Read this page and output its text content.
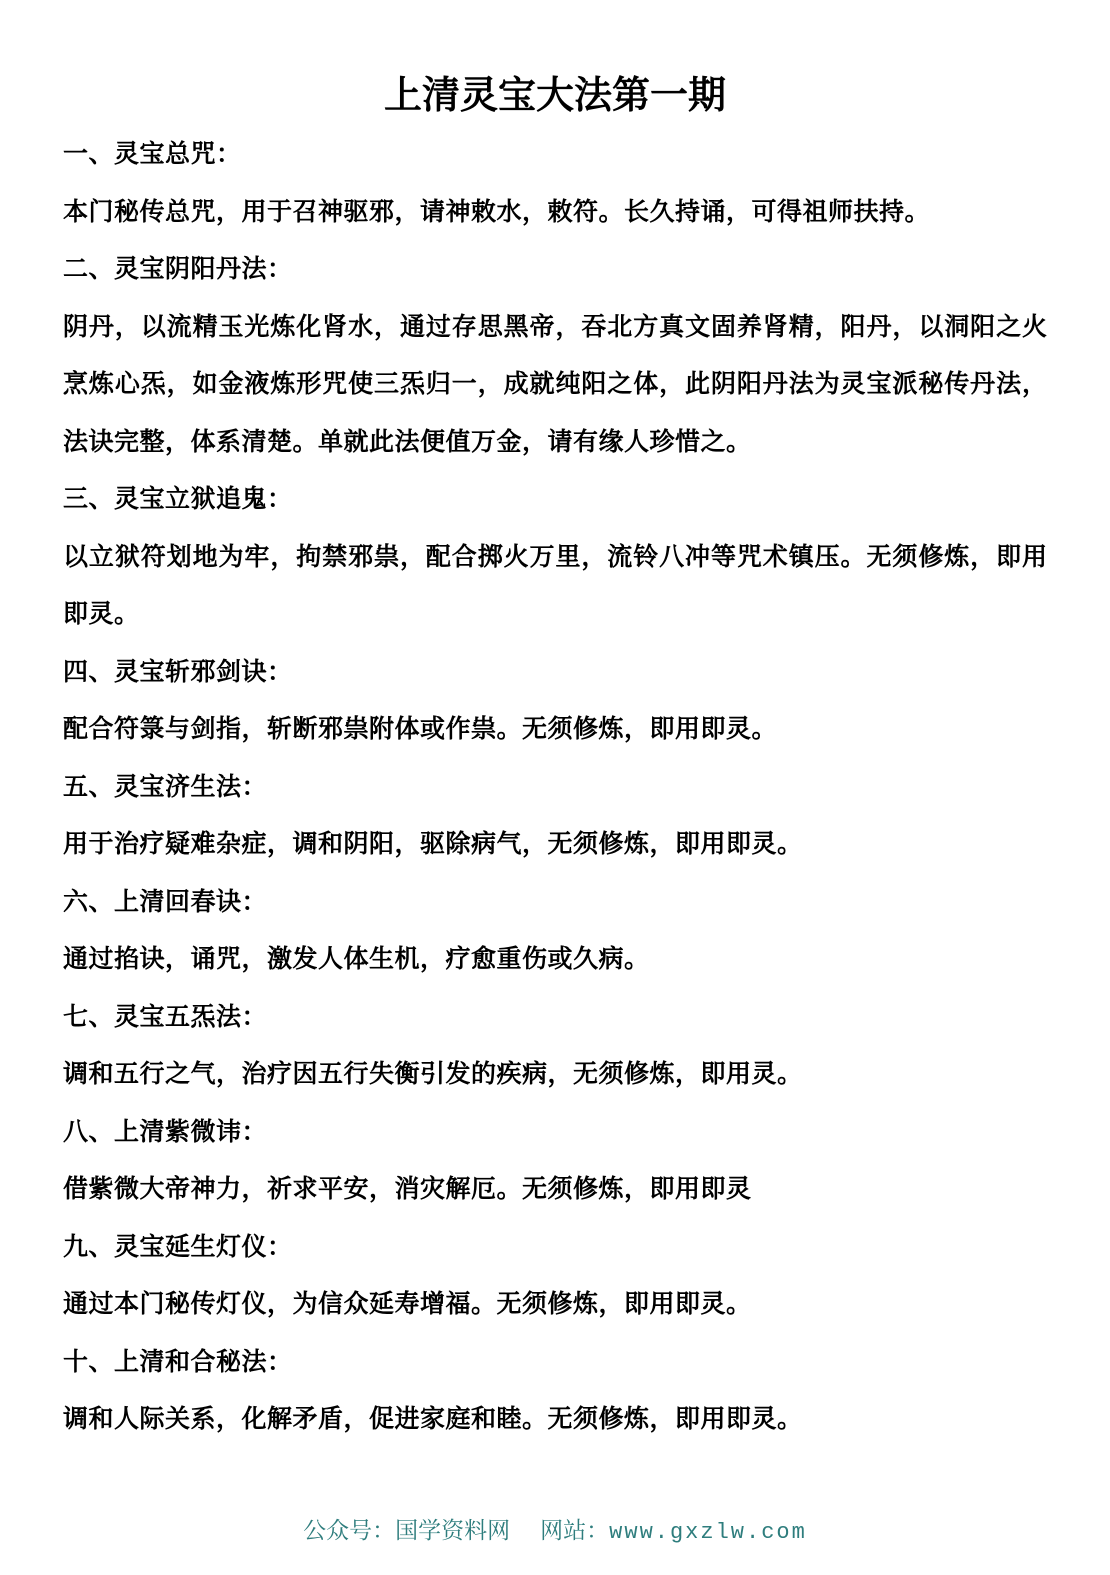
上清灵宝大法第一期
一、灵宝总咒：
本门秘传总咒，用于召神驱邪，请神敕水，敕符。长久持诵，可得祖师扶持。
二、灵宝阴阳丹法：
阴丹，以流精玉光炼化肾水，通过存思黑帝，吞北方真文固养肾精，阳丹，以洞阳之火
烹炼心炁，如金液炼形咒使三炁归一，成就纯阳之体，此阴阳丹法为灵宝派秘传丹法，
法诀完整，体系清楚。单就此法便值万金，请有缘人珍惜之。
三、灵宝立狱追鬼：
以立狱符划地为牢，拘禁邪祟，配合掷火万里，流铃八冲等咒术镇压。无须修炼，即用
即灵。
四、灵宝斩邪剑诀：
配合符箓与剑指，斩断邪祟附体或作祟。无须修炼，即用即灵。
五、灵宝济生法：
用于治疗疑难杂症，调和阴阳，驱除病气，无须修炼，即用即灵。
六、上清回春诀：
通过掐诀，诵咒，激发人体生机，疗愈重伤或久病。
七、灵宝五炁法：
调和五行之气，治疗因五行失衡引发的疾病，无须修炼，即用灵。
八、上清紫微讳：
借紫微大帝神力，祈求平安，消灾解厄。无须修炼，即用即灵
九、灵宝延生灯仪：
通过本门秘传灯仪，为信众延寿增福。无须修炼，即用即灵。
十、上清和合秘法：
调和人际关系，化解矛盾，促进家庭和睦。无须修炼，即用即灵。
公众号：国学资料网 网站：www.gxzlw.com
